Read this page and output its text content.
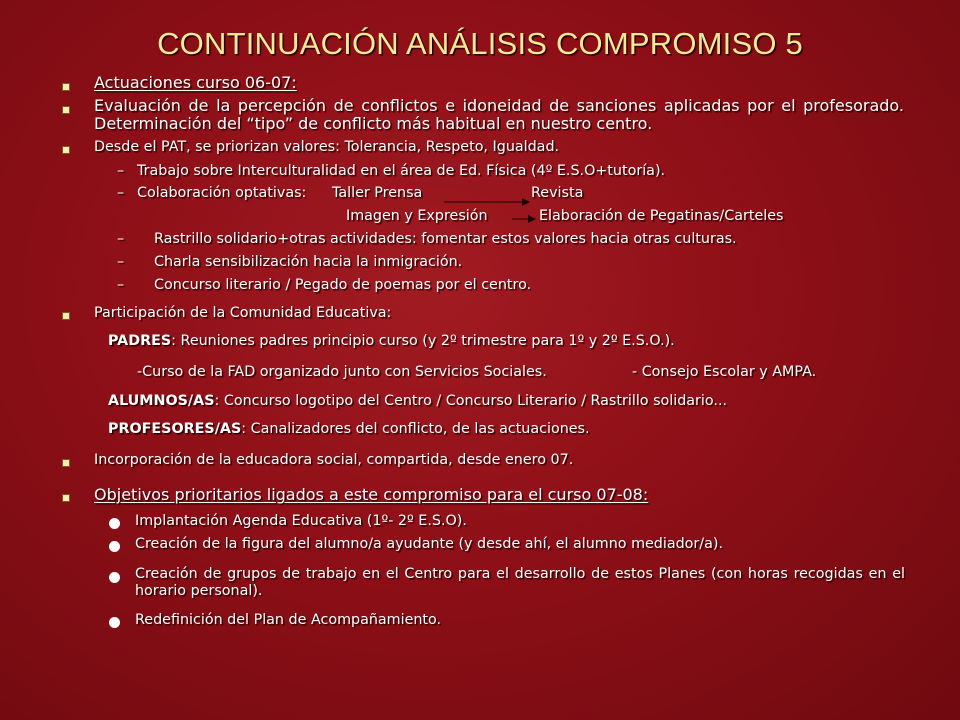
CONTINUACIÓN ANÁLISIS COMPROMISO 5
Actuaciones curso 06-07:
Evaluación de la percepción de conflictos e idoneidad de sanciones aplicadas por el profesorado. Determinación del “tipo” de conflicto más habitual en nuestro centro.
Desde el PAT, se priorizan valores: Tolerancia, Respeto, Igualdad.
– Trabajo sobre Interculturalidad en el área de Ed. Física (4º E.S.O+tutoría).
– Colaboración optativas: Taller Prensa	Revista
Imagen y Expresión	Elaboración de Pegatinas/Carteles
– Rastrillo solidario+otras actividades: fomentar estos valores hacia otras culturas.
– Charla sensibilización hacia la inmigración.
– Concurso literario / Pegado de poemas por el centro.
Participación de la Comunidad Educativa:
PADRES: Reuniones padres principio curso (y 2º trimestre para 1º y 2º E.S.O.).
-Curso de la FAD organizado junto con Servicios Sociales.	- Consejo Escolar y AMPA.
ALUMNOS/AS: Concurso logotipo del Centro / Concurso Literario / Rastrillo solidario...
PROFESORES/AS: Canalizadores del conflicto, de las actuaciones.
Incorporación de la educadora social, compartida, desde enero 07.
Objetivos prioritarios ligados a este compromiso para el curso 07-08:
Implantación Agenda Educativa (1º- 2º E.S.O).
Creación de la figura del alumno/a ayudante (y desde ahí, el alumno mediador/a).
Creación de grupos de trabajo en el Centro para el desarrollo de estos Planes (con horas recogidas en el horario personal).
Redefinición del Plan de Acompañamiento.
